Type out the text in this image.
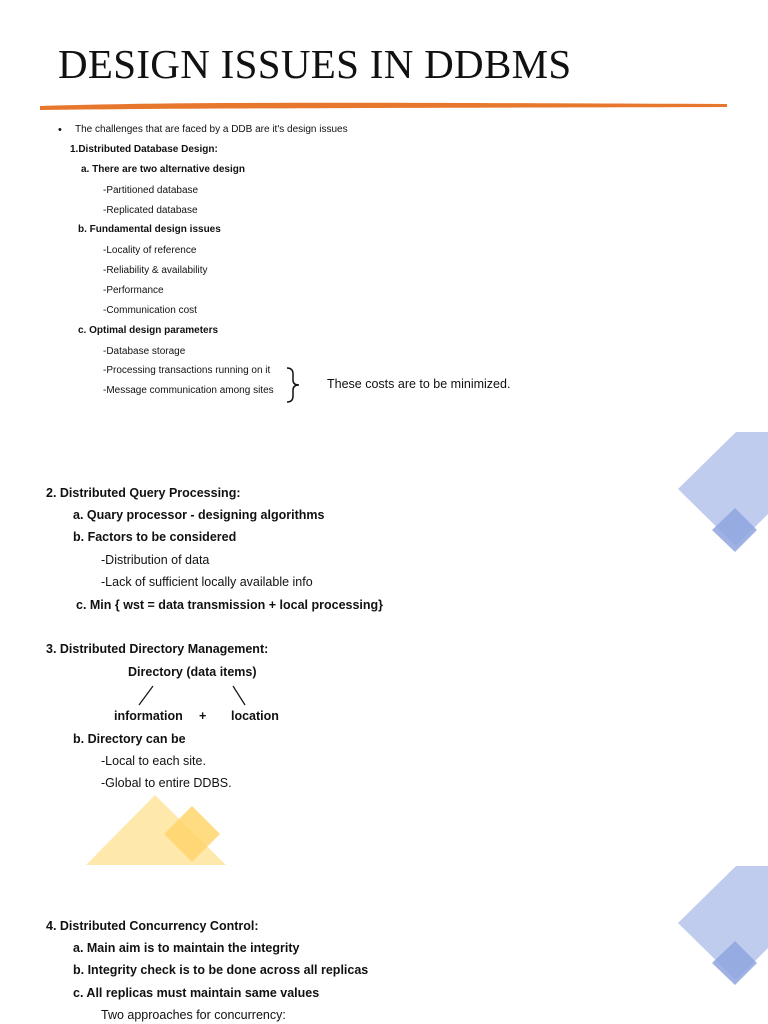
DESIGN ISSUES IN DDBMS
• The challenges that are faced by a DDB are it's design issues
1.Distributed Database Design:
a. There are two alternative design
-Partitioned database
-Replicated database
b. Fundamental design issues
-Locality of reference
-Reliability & availability
-Performance
-Communication cost
c. Optimal design parameters
-Database storage
-Processing transactions running on it
-Message communication among sites	These costs are to be minimized.
2. Distributed Query Processing:
a. Quary processor - designing algorithms
b. Factors to be considered
-Distribution of data
-Lack of sufficient locally available info
c. Min { wst = data transmission + local processing}
3. Distributed Directory Management:
Directory (data items)
information + location
b. Directory can be
-Local to each site.
-Global to entire DDBS.
4. Distributed Concurrency Control:
a. Main aim is to maintain the integrity
b. Integrity check is to be done across all replicas
c. All replicas must maintain same values
Two approaches for concurrency:
